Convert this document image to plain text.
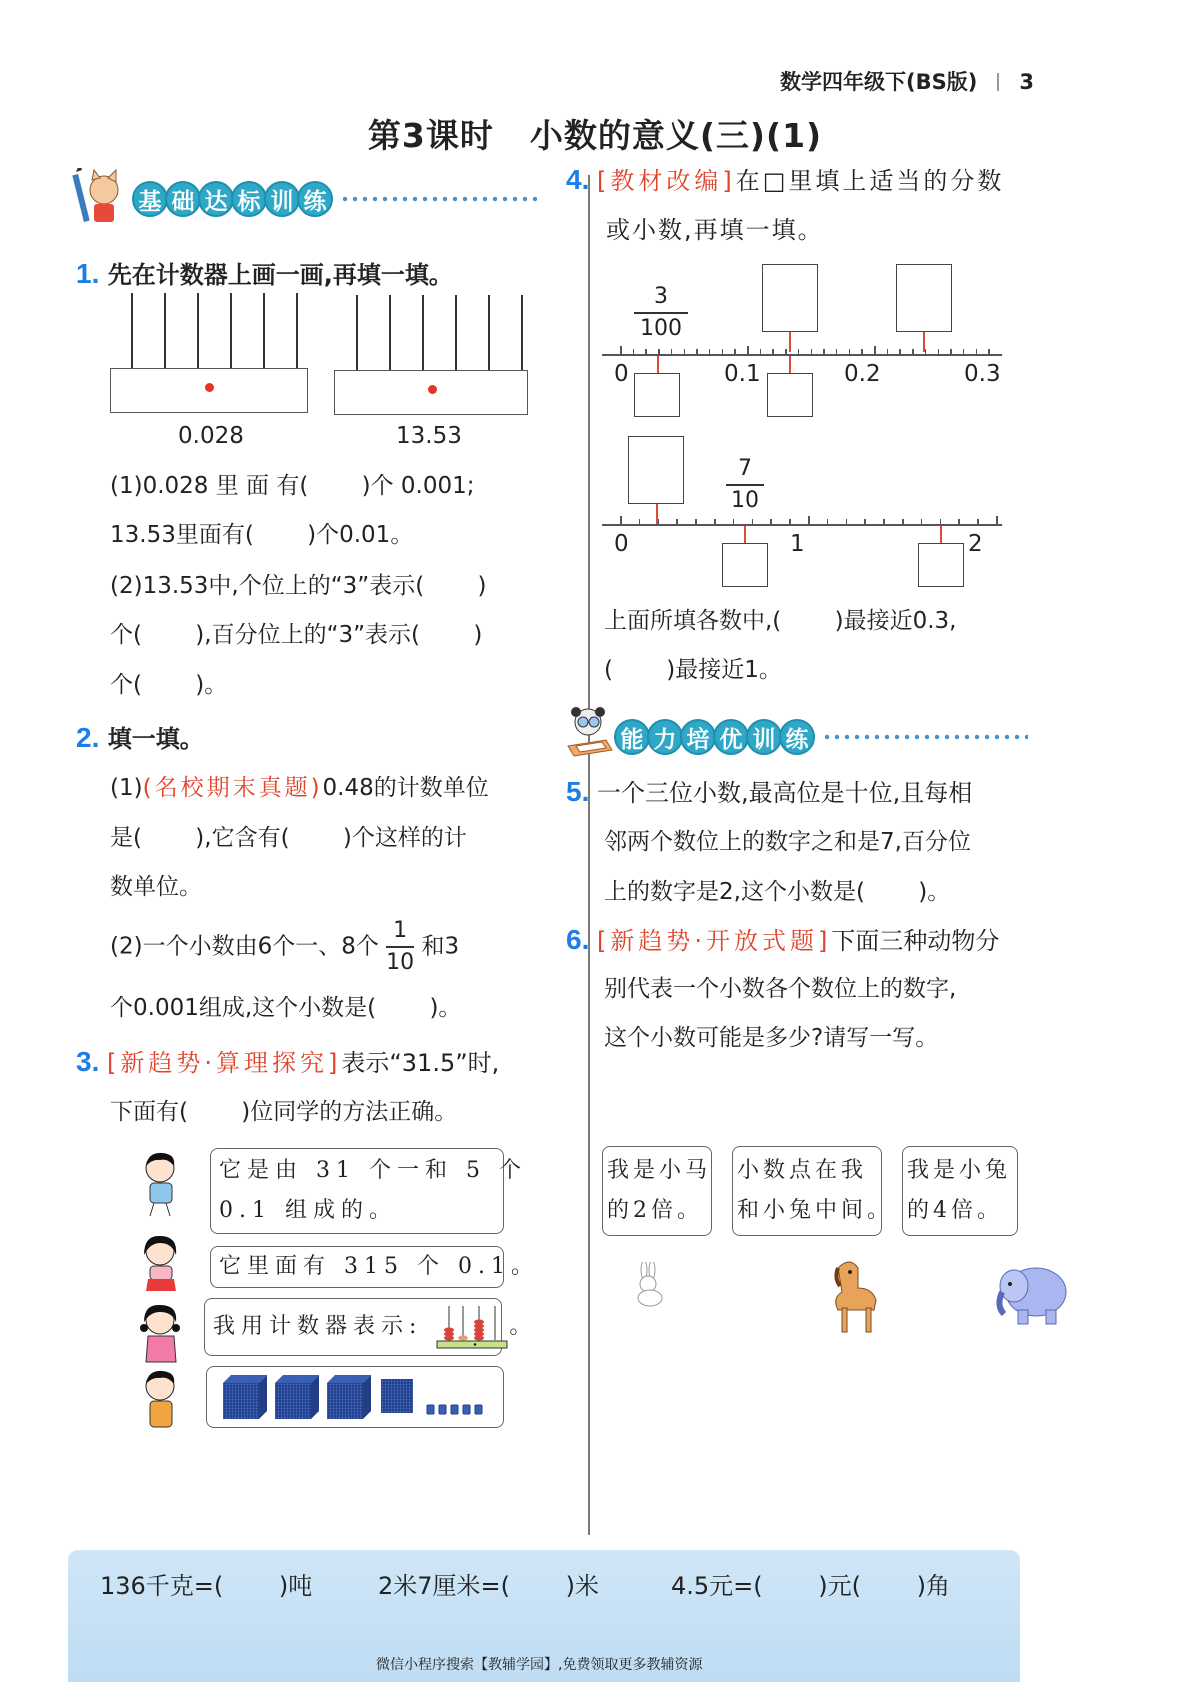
数学四年级下(BS版) 3
第3课时 小数的意义(三)(1)
基 础 达 标 训 练
1. 先在计数器上画一画,再填一填。
0.028	13.53
(1)0.028 里 面 有(　　 )个 0.001;
13.53里面有(　　 )个0.01。
(2)13.53中,个位上的“3”表示(　　 )
个(　　 ),百分位上的“3”表示(　　 )
个(　　 )。
2. 填一填。
(1)(名校期末真题)0.48的计数单位
是(　　 ),它含有(　　 )个这样的计
数单位。
(2)一个小数由6个一、8个 $\frac{1}{10}$ 和3
个0.001组成,这个小数是(　　 )。
3. [新趋势·算理探究]表示“31.5”时,
下面有(　　 )位同学的方法正确。
它是由 31 个一和 5 个
0.1 组成的。
它里面有 315 个 0.1。
我用计数器表示:	。
4. [教材改编]在□里填上适当的分数
或小数,再填一填。
0	0.1	0.2	0.3
3
100
0	1	2
7
10
上面所填各数中,(　　 )最接近0.3,
(　　 )最接近1。
能 力 培 优 训 练
5. 一个三位小数,最高位是十位,且每相
邻两个数位上的数字之和是7,百分位
上的数字是2,这个小数是(　　 )。
6. [新趋势·开放式题]下面三种动物分
别代表一个小数各个数位上的数字,
这个小数可能是多少?请写一写。
我是小马
的2倍。
小数点在我
和小兔中间。
我是小兔
的4倍。
136千克=(　　 )吨	2米7厘米=(　　 )米	4.5元=(　　 )元(　　 )角
微信小程序搜索【教辅学园】,免费领取更多教辅资源
